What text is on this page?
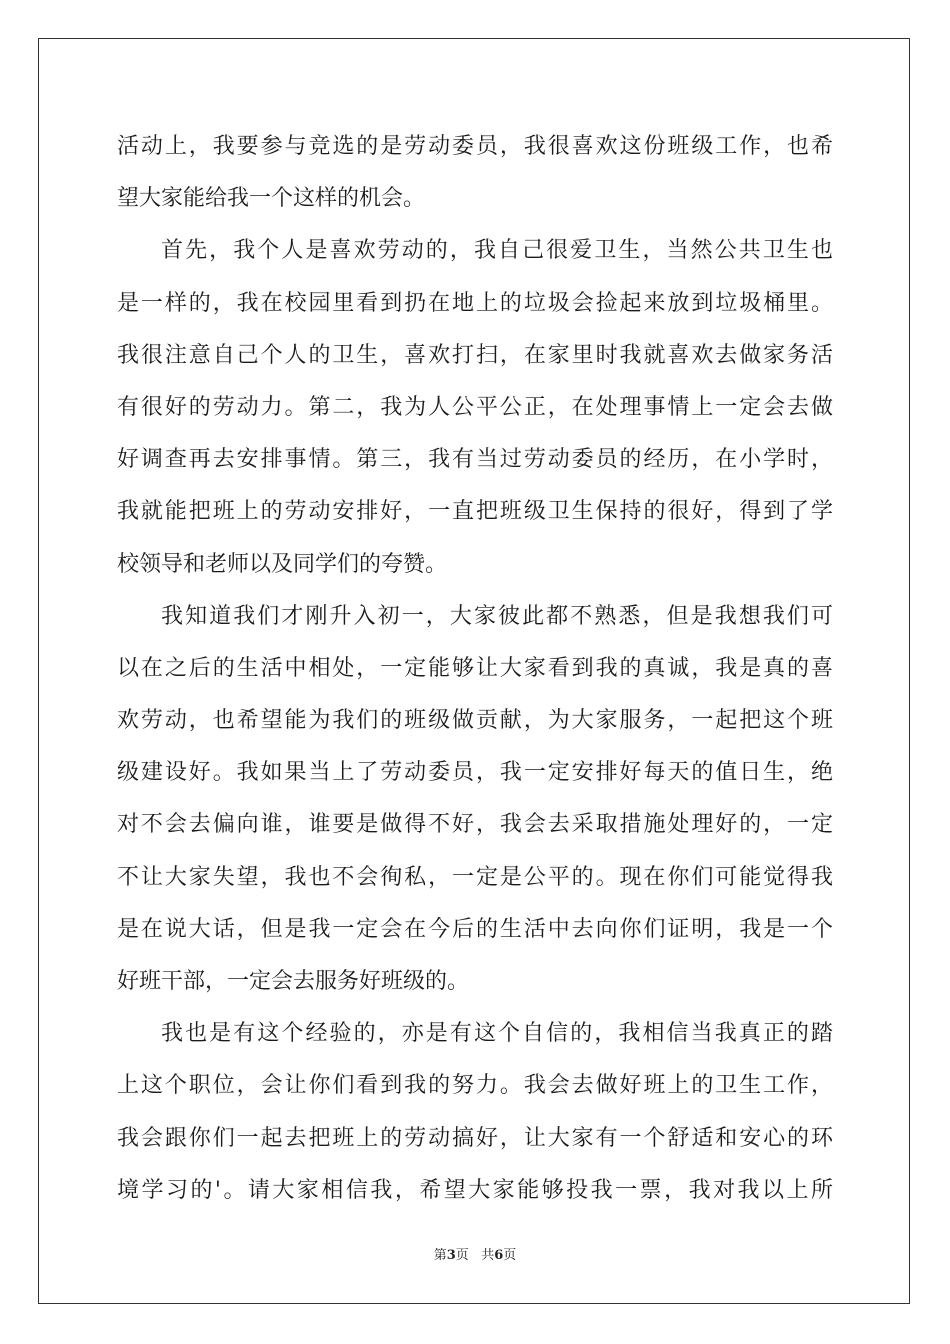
活动上，我要参与竞选的是劳动委员，我很喜欢这份班级工作，也希
望大家能给我一个这样的机会。
首先，我个人是喜欢劳动的，我自己很爱卫生，当然公共卫生也
是一样的，我在校园里看到扔在地上的垃圾会捡起来放到垃圾桶里。
我很注意自己个人的卫生，喜欢打扫，在家里时我就喜欢去做家务活
有很好的劳动力。第二，我为人公平公正，在处理事情上一定会去做
好调查再去安排事情。第三，我有当过劳动委员的经历，在小学时，
我就能把班上的劳动安排好，一直把班级卫生保持的很好，得到了学
校领导和老师以及同学们的夸赞。
我知道我们才刚升入初一，大家彼此都不熟悉，但是我想我们可
以在之后的生活中相处，一定能够让大家看到我的真诚，我是真的喜
欢劳动，也希望能为我们的班级做贡献，为大家服务，一起把这个班
级建设好。我如果当上了劳动委员，我一定安排好每天的值日生，绝
对不会去偏向谁，谁要是做得不好，我会去采取措施处理好的，一定
不让大家失望，我也不会徇私，一定是公平的。现在你们可能觉得我
是在说大话，但是我一定会在今后的生活中去向你们证明，我是一个
好班干部，一定会去服务好班级的。
我也是有这个经验的，亦是有这个自信的，我相信当我真正的踏
上这个职位，会让你们看到我的努力。我会去做好班上的卫生工作，
我会跟你们一起去把班上的劳动搞好，让大家有一个舒适和安心的环
境学习的'。请大家相信我，希望大家能够投我一票，我对我以上所
第3页 共6页
